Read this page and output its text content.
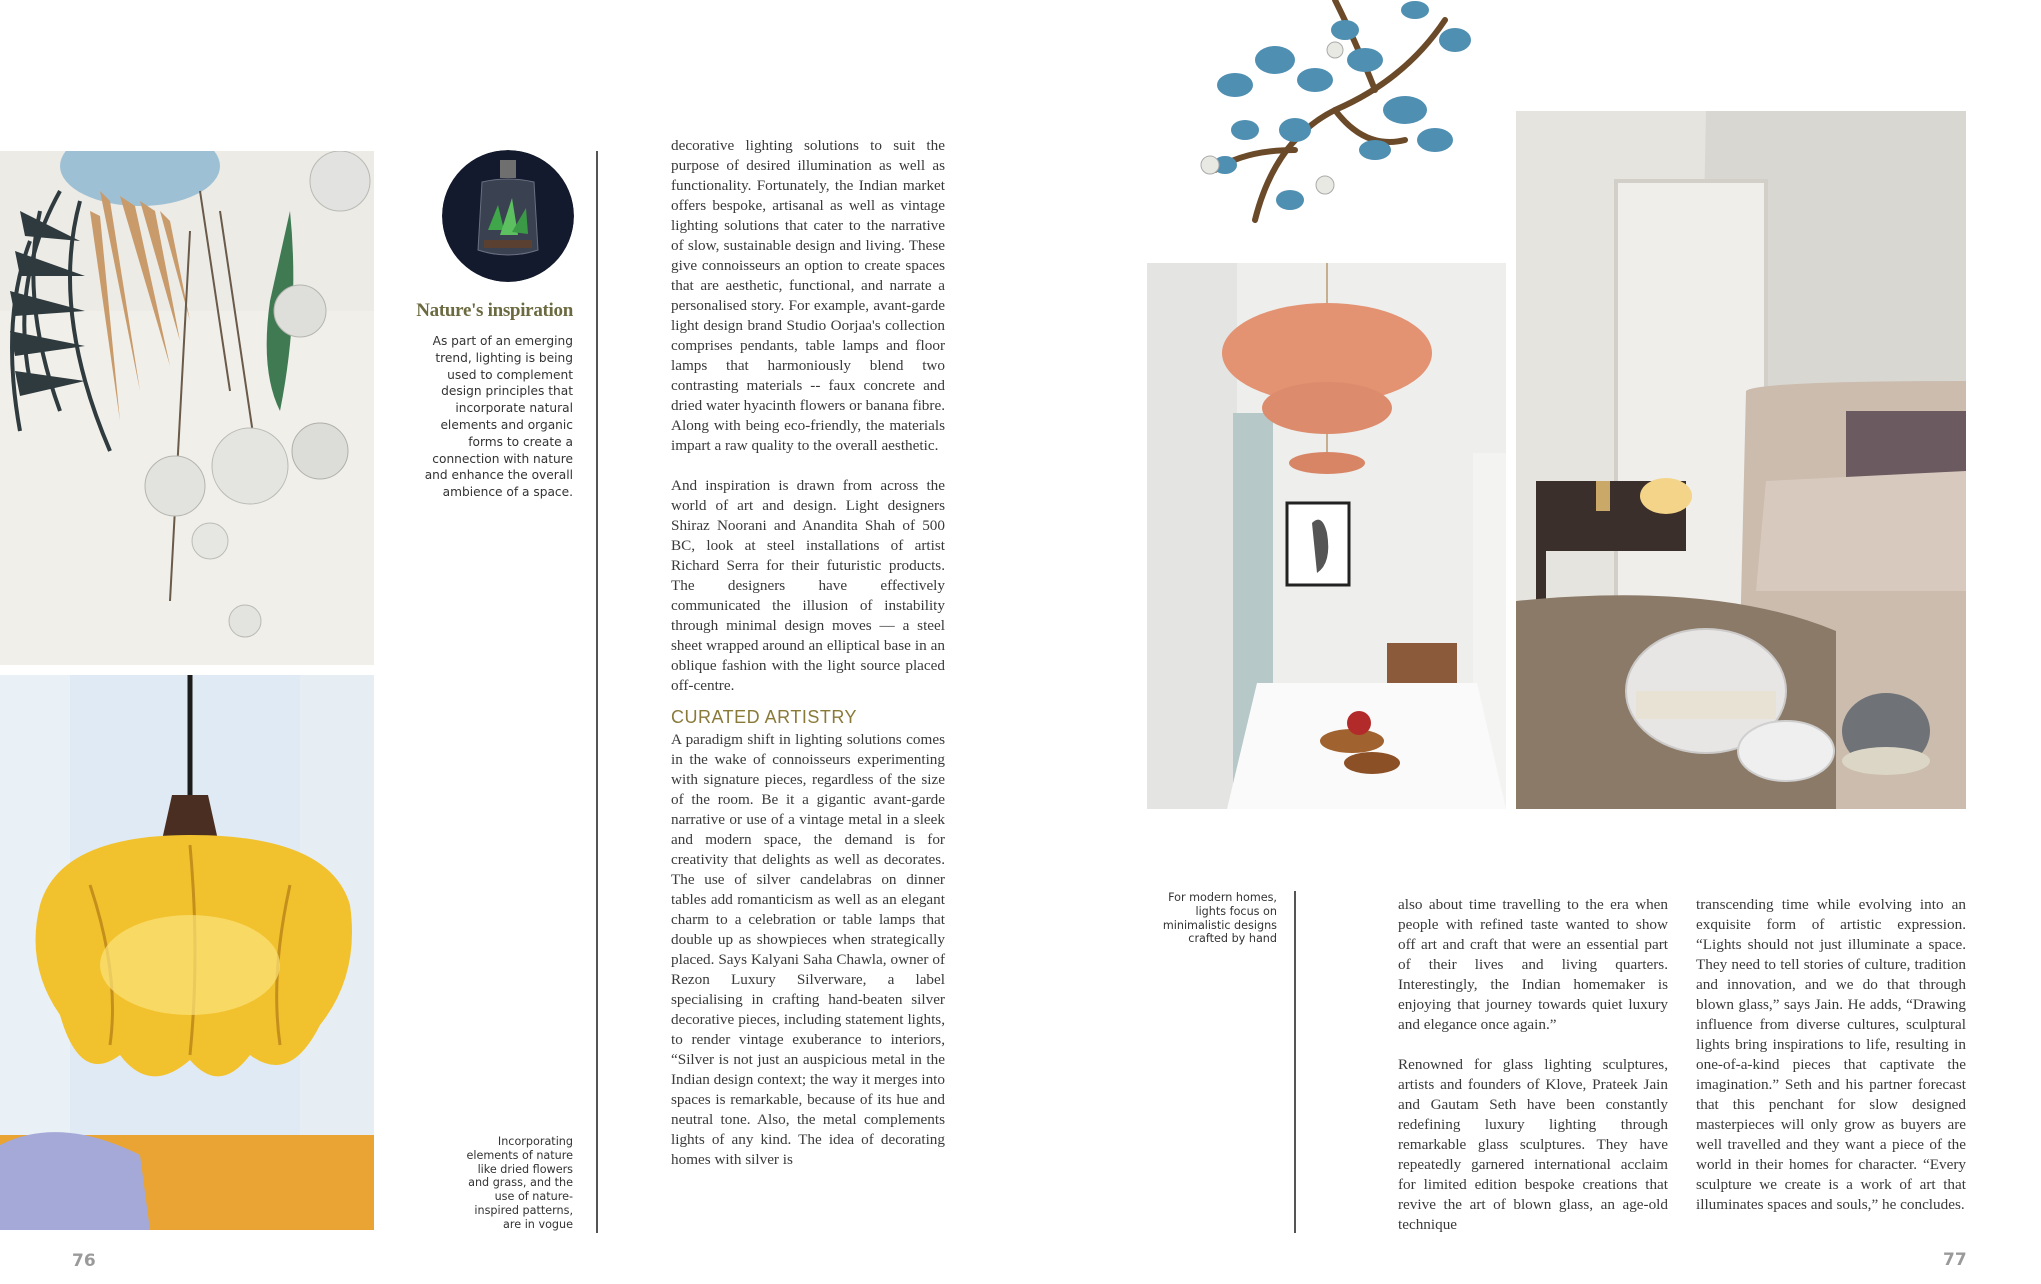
Nature's inspiration

As part of an emerging trend, lighting is being used to complement design principles that incorporate natural elements and organic forms to create a connection with nature and enhance the overall ambience of a space.

Incorporating elements of nature like dried flowers and grass, and the use of nature-inspired patterns, are in vogue

decorative lighting solutions to suit the purpose of desired illumination as well as functionality. Fortunately, the Indian market offers bespoke, artisanal as well as vintage lighting solutions that cater to the narrative of slow, sustainable design and living. These give connoisseurs an option to create spaces that are aesthetic, functional, and narrate a personalised story. For example, avant-garde light design brand Studio Oorjaa's collection comprises pendants, table lamps and floor lamps that harmoniously blend two contrasting materials -- faux concrete and dried water hyacinth flowers or banana fibre. Along with being eco-friendly, the materials impart a raw quality to the overall aesthetic.

And inspiration is drawn from across the world of art and design. Light designers Shiraz Noorani and Anandita Shah of 500 BC, look at steel installations of artist Richard Serra for their futuristic products. The designers have effectively communicated the illusion of instability through minimal design moves — a steel sheet wrapped around an elliptical base in an oblique fashion with the light source placed off-centre.

CURATED ARTISTRY

A paradigm shift in lighting solutions comes in the wake of connoisseurs experimenting with signature pieces, regardless of the size of the room. Be it a gigantic avant-garde narrative or use of a vintage metal in a sleek and modern space, the demand is for creativity that delights as well as decorates. The use of silver candelabras on dinner tables add romanticism as well as an elegant charm to a celebration or table lamps that double up as showpieces when strategically placed. Says Kalyani Saha Chawla, owner of Rezon Luxury Silverware, a label specialising in crafting hand-beaten silver decorative pieces, including statement lights, to render vintage exuberance to interiors, “Silver is not just an auspicious metal in the Indian design context; the way it merges into spaces is remarkable, because of its hue and neutral tone. Also, the metal complements lights of any kind. The idea of decorating homes with silver is

76

For modern homes, lights focus on minimalistic designs crafted by hand

also about time travelling to the era when people with refined taste wanted to show off art and craft that were an essential part of their lives and living quarters. Interestingly, the Indian homemaker is enjoying that journey towards quiet luxury and elegance once again.”

Renowned for glass lighting sculptures, artists and founders of Klove, Prateek Jain and Gautam Seth have been constantly redefining luxury lighting through remarkable glass sculptures. They have repeatedly garnered international acclaim for limited edition bespoke creations that revive the art of blown glass, an age-old technique

transcending time while evolving into an exquisite form of artistic expression. “Lights should not just illuminate a space. They need to tell stories of culture, tradition and innovation, and we do that through blown glass,” says Jain. He adds, “Drawing influence from diverse cultures, sculptural lights bring inspirations to life, resulting in one-of-a-kind pieces that captivate the imagination.” Seth and his partner forecast that this penchant for slow designed masterpieces will only grow as buyers are well travelled and they want a piece of the world in their homes for character. “Every sculpture we create is a work of art that illuminates spaces and souls,” he concludes.

77
